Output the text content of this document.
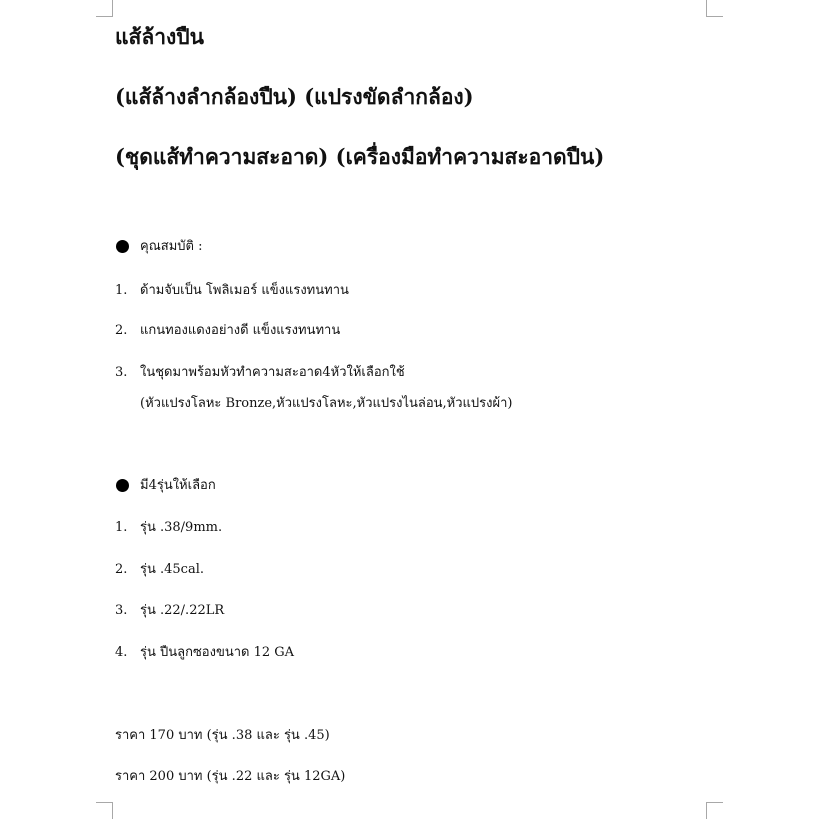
แส้ล้างปืน
(แส้ล้างลำกล้องปืน) (แปรงขัดลำกล้อง)
(ชุดแส้ทำความสะอาด) (เครื่องมือทำความสะอาดปืน)
คุณสมบัติ :
1. ด้ามจับเป็น โพลิเมอร์ แข็งแรงทนทาน
2. แกนทองแดงอย่างดี แข็งแรงทนทาน
3. ในชุดมาพร้อมหัวทำความสะอาด4หัวให้เลือกใช้
(หัวแปรงโลหะ Bronze,หัวแปรงโลหะ,หัวแปรงไนล่อน,หัวแปรงผ้า)
มี4รุ่นให้เลือก
1. รุ่น .38/9mm.
2. รุ่น .45cal.
3. รุ่น .22/.22LR
4. รุ่น ปืนลูกซองขนาด 12 GA
ราคา 170 บาท (รุ่น .38 และ รุ่น .45)
ราคา 200 บาท (รุ่น .22 และ รุ่น 12GA)
